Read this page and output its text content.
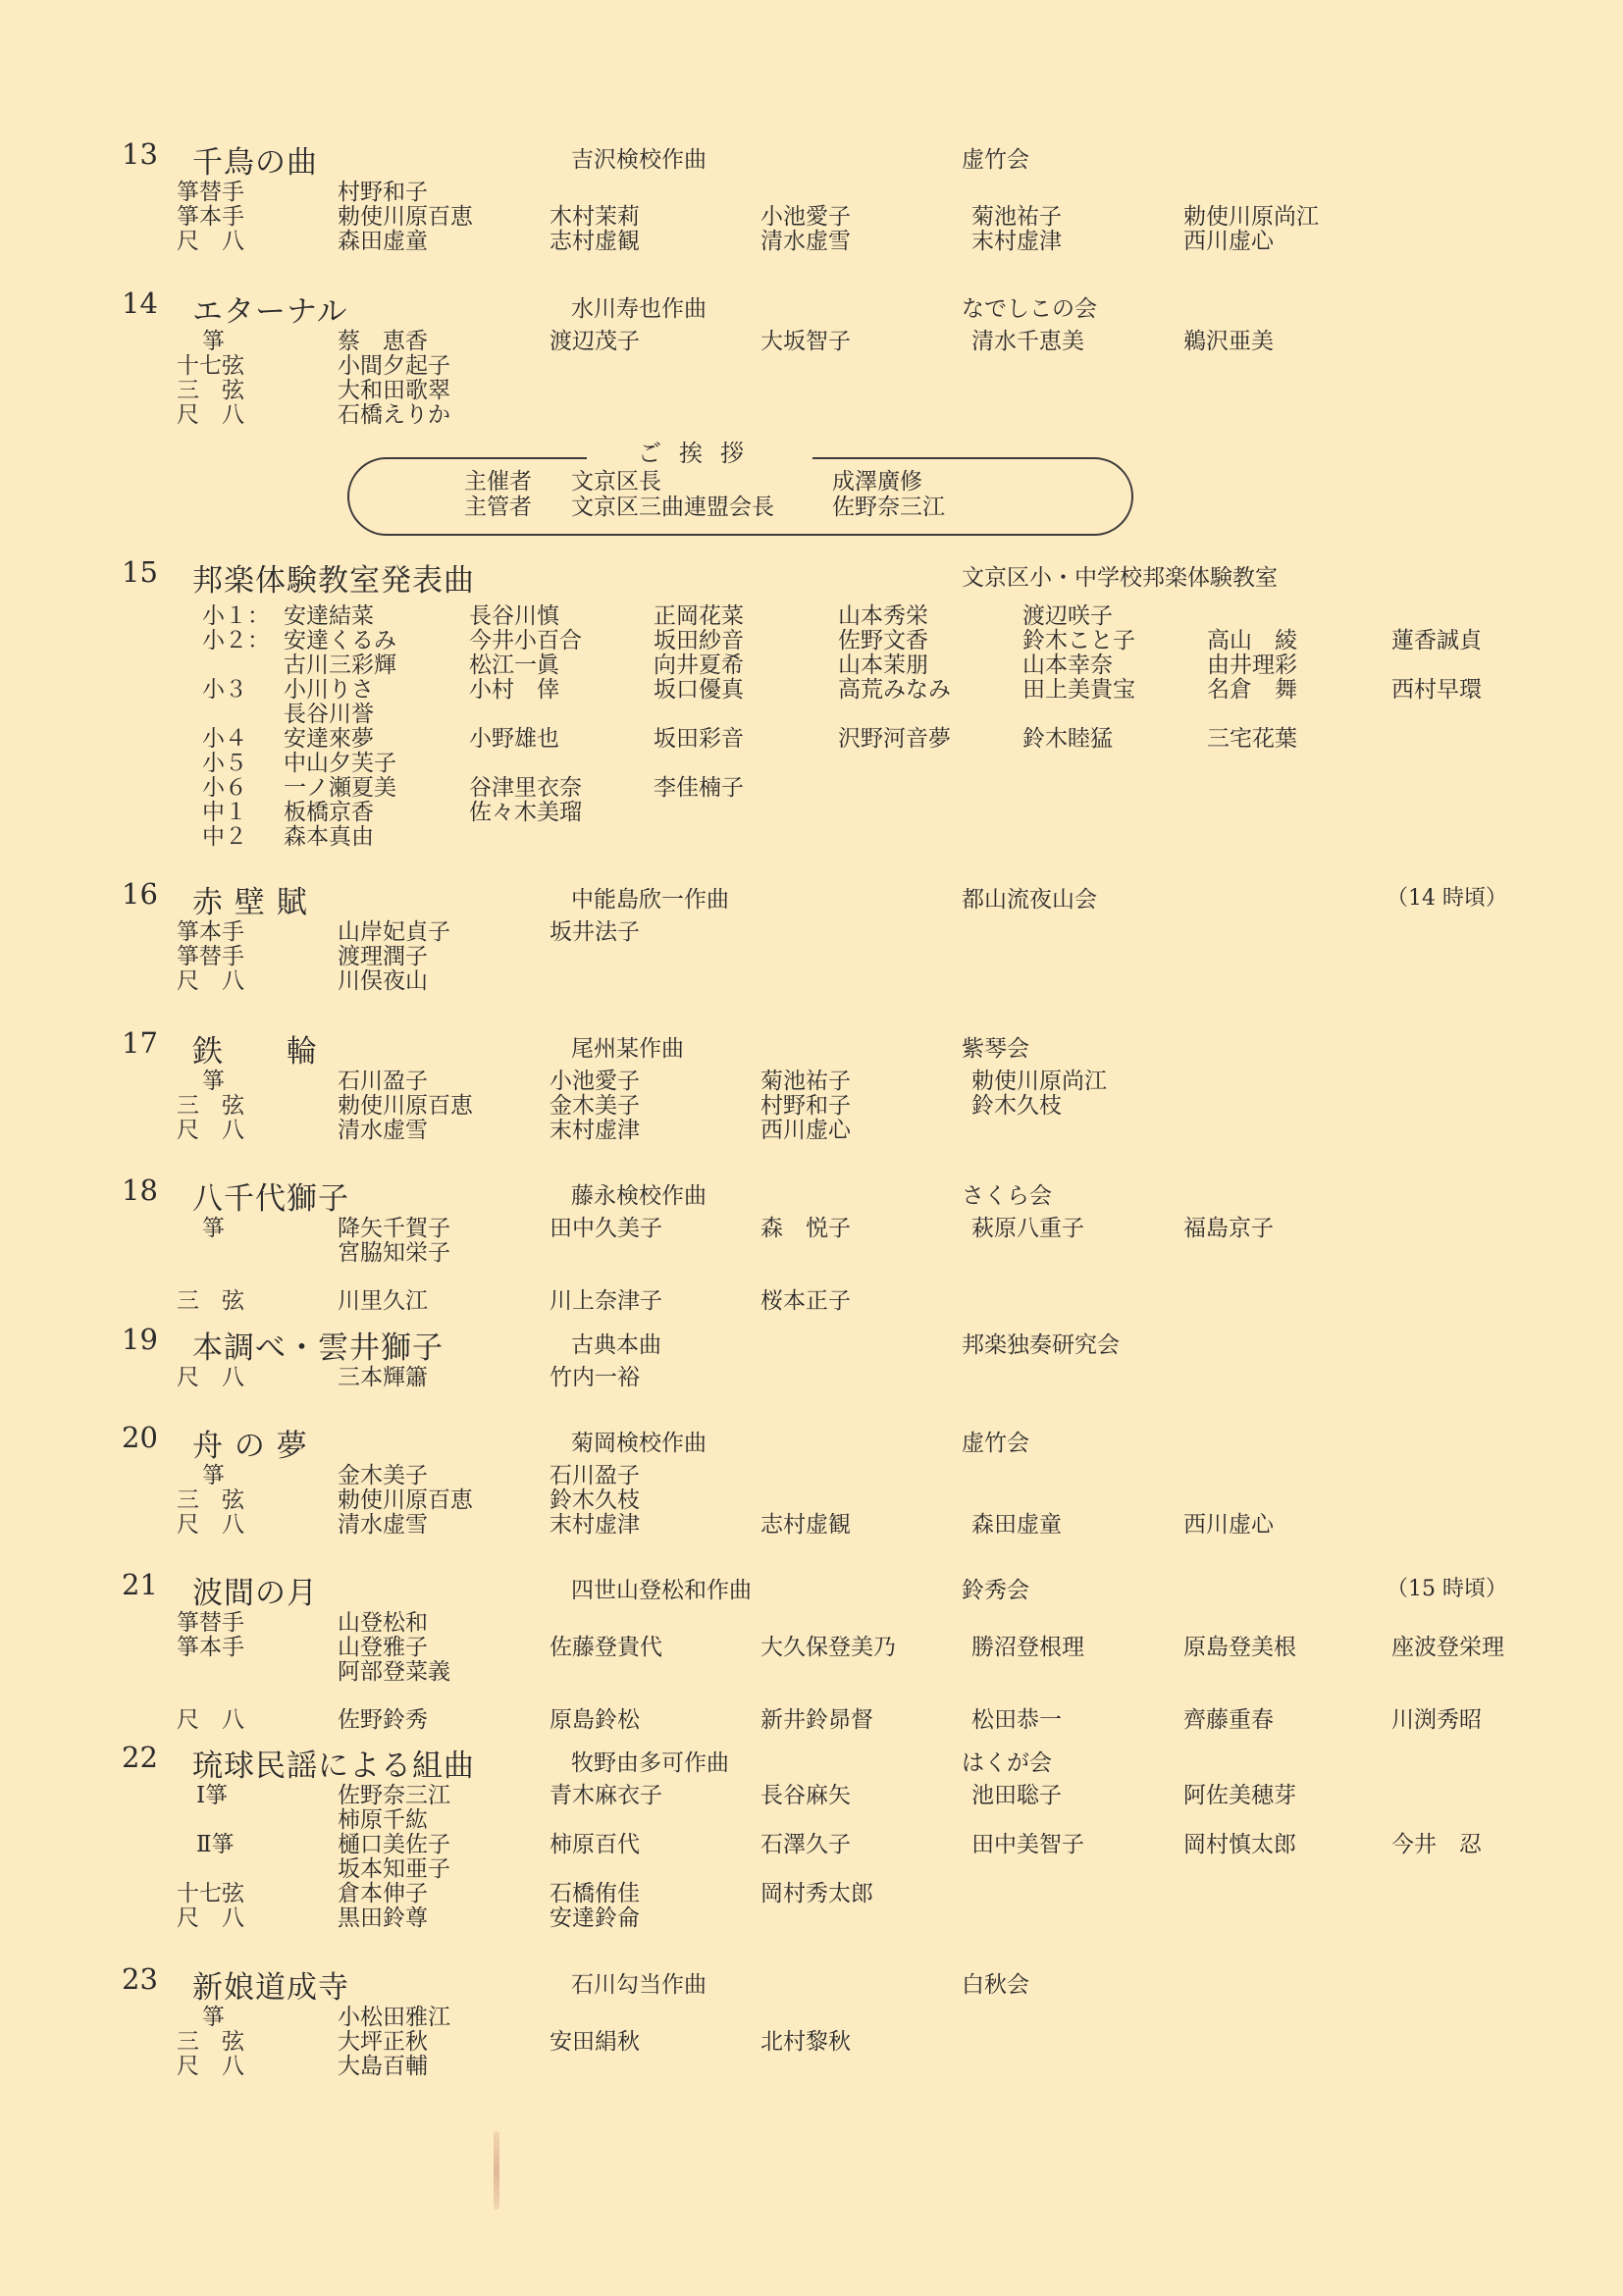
13 千鳥の曲	吉沢検校作曲	虚竹会
箏替手	村野和子
箏本手	勅使川原百恵	木村茉莉	小池愛子	菊池祐子	勅使川原尚江
尺　八	森田虚童	志村虚観	清水虚雪	末村虚津	西川虚心
14 エターナル	水川寿也作曲	なでしこの会
箏	蔡　恵香	渡辺茂子	大坂智子	清水千恵美	鵜沢亜美
十七弦	小間夕起子
三　弦	大和田歌翠
尺　八	石橋えりか
15 邦楽体験教室発表曲	文京区小・中学校邦楽体験教室
小１： 安達結菜	長谷川慎	正岡花菜	山本秀栄	渡辺咲子
小２： 安達くるみ	今井小百合	坂田紗音	佐野文香	鈴木こと子	高山　綾	蓮香誠貞
古川三彩輝	松江一眞	向井夏希	山本茉朋	山本幸奈	由井理彩
小３ 小川りさ	小村　倖	坂口優真	高荒みなみ	田上美貴宝	名倉　舞	西村早環
長谷川誉
小４ 安達來夢	小野雄也	坂田彩音	沢野河音夢	鈴木睦猛	三宅花葉
小５ 中山夕芙子
小６ 一ノ瀬夏美	谷津里衣奈	李佳楠子
中１ 板橋京香	佐々木美瑠
中２ 森本真由
16 赤 壁 賦	中能島欣一作曲	都山流夜山会	（14 時頃）
箏本手	山岸妃貞子	坂井法子
箏替手	渡理潤子
尺　八	川俣夜山
17 鉄　　輪	尾州某作曲	紫琴会
箏	石川盈子	小池愛子	菊池祐子	勅使川原尚江
三　弦	勅使川原百恵	金木美子	村野和子	鈴木久枝
尺　八	清水虚雪	末村虚津	西川虚心
18 八千代獅子	藤永検校作曲	さくら会
箏	降矢千賀子	田中久美子	森　悦子	萩原八重子	福島京子
宮脇知栄子
三　弦	川里久江	川上奈津子	桜本正子
19 本調べ・雲井獅子	古典本曲	邦楽独奏研究会
尺　八	三本輝簫	竹内一裕
20 舟 の 夢	菊岡検校作曲	虚竹会
箏	金木美子	石川盈子
三　弦	勅使川原百恵	鈴木久枝
尺　八	清水虚雪	末村虚津	志村虚観	森田虚童	西川虚心
21 波間の月	四世山登松和作曲	鈴秀会	（15 時頃）
箏替手	山登松和
箏本手	山登雅子	佐藤登貴代	大久保登美乃	勝沼登根理	原島登美根	座波登栄理
阿部登菜義
尺　八	佐野鈴秀	原島鈴松	新井鈴昴督	松田恭一	齊藤重春	川渕秀昭
22 琉球民謡による組曲	牧野由多可作曲	はくが会
Ⅰ箏	佐野奈三江	青木麻衣子	長谷麻矢	池田聡子	阿佐美穂芽
柿原千紘
Ⅱ箏	樋口美佐子	柿原百代	石澤久子	田中美智子	岡村慎太郎	今井　忍
坂本知亜子
十七弦	倉本伸子	石橋侑佳	岡村秀太郎
尺　八	黒田鈴尊	安達鈴侖
23 新娘道成寺	石川勾当作曲	白秋会
箏	小松田雅江
三　弦	大坪正秋	安田絹秋	北村黎秋
尺　八	大島百輔
主催者 文京区長	成澤廣修
主管者 文京区三曲連盟会長	佐野奈三江
ご挨拶
